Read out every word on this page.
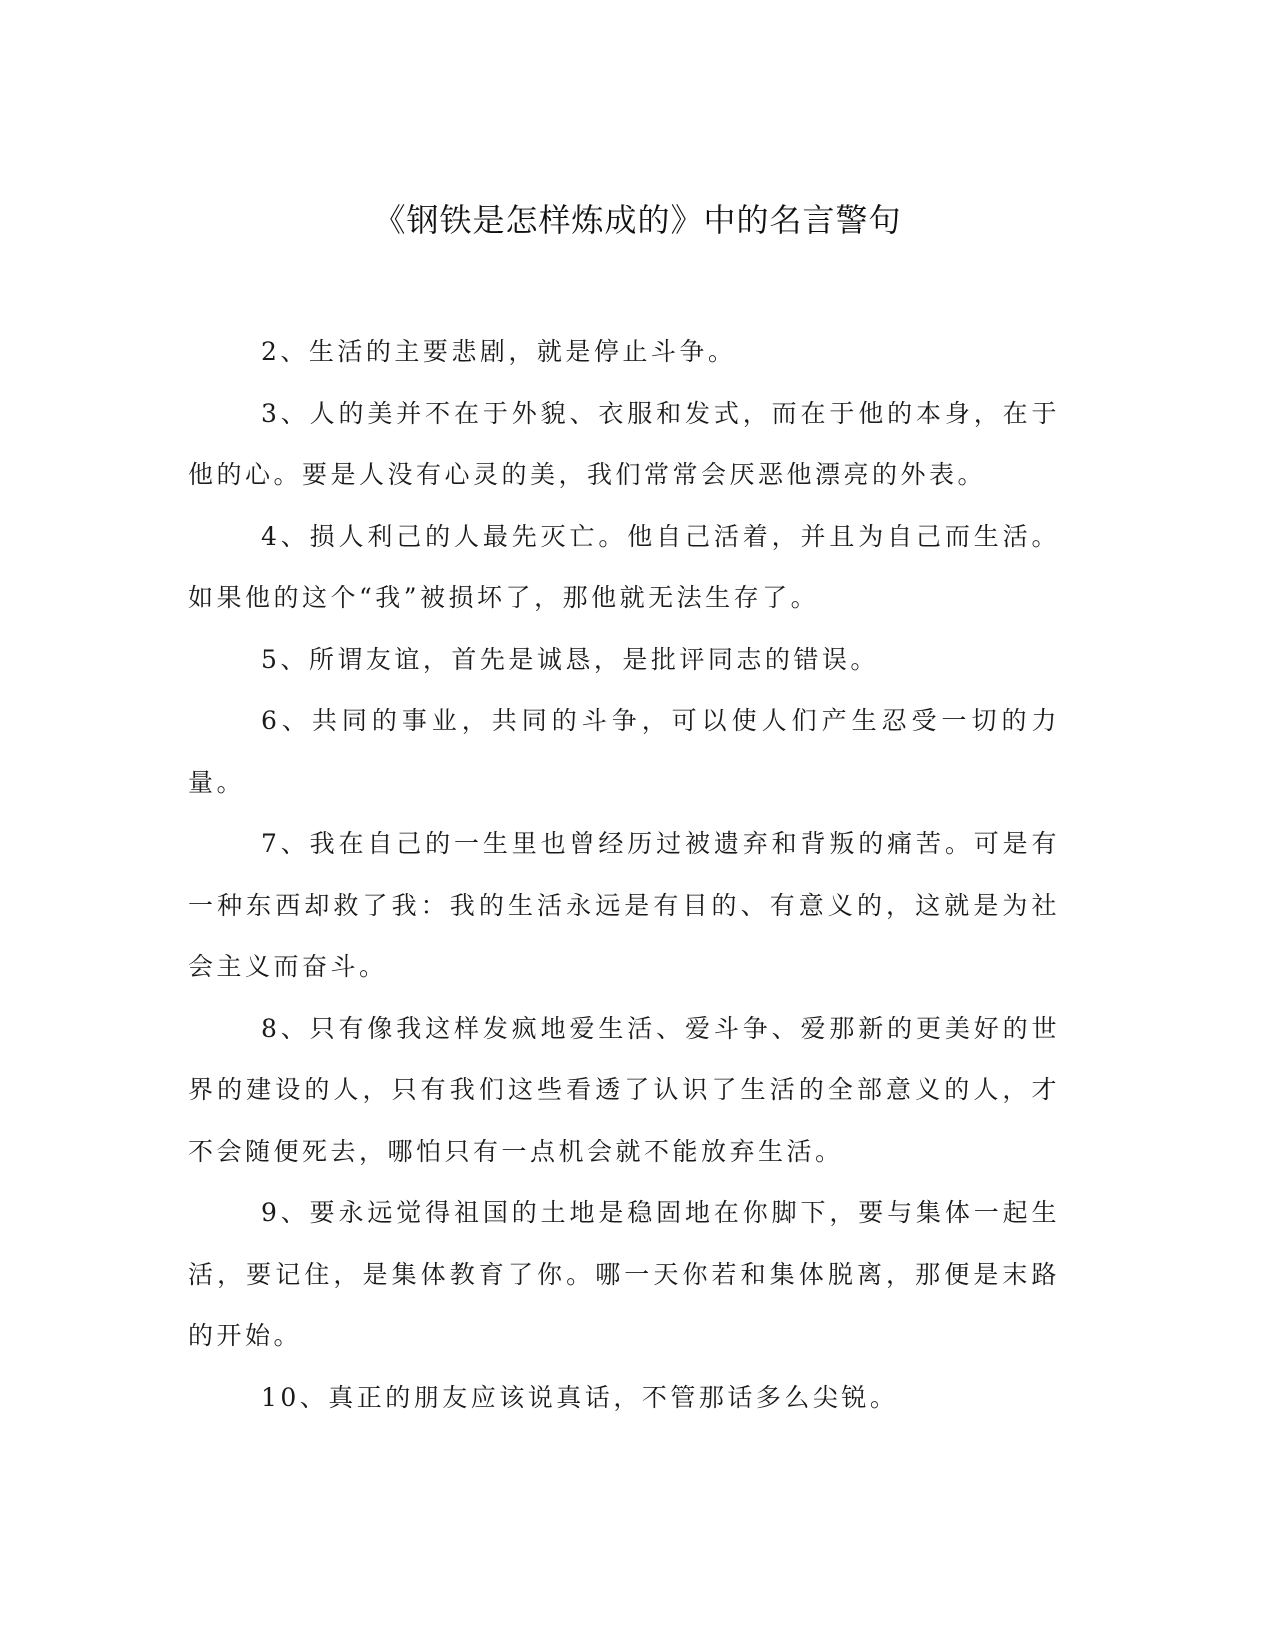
《钢铁是怎样炼成的》中的名言警句

2、生活的主要悲剧，就是停止斗争。

3、人的美并不在于外貌、衣服和发式，而在于他的本身，在于他的心。要是人没有心灵的美，我们常常会厌恶他漂亮的外表。

4、损人利己的人最先灭亡。他自己活着，并且为自己而生活。如果他的这个“我”被损坏了，那他就无法生存了。

5、所谓友谊，首先是诚恳，是批评同志的错误。

6、共同的事业，共同的斗争，可以使人们产生忍受一切的力量。

7、我在自己的一生里也曾经历过被遗弃和背叛的痛苦。可是有一种东西却救了我：我的生活永远是有目的、有意义的，这就是为社会主义而奋斗。

8、只有像我这样发疯地爱生活、爱斗争、爱那新的更美好的世界的建设的人，只有我们这些看透了认识了生活的全部意义的人，才不会随便死去，哪怕只有一点机会就不能放弃生活。

9、要永远觉得祖国的土地是稳固地在你脚下，要与集体一起生活，要记住，是集体教育了你。哪一天你若和集体脱离，那便是末路的开始。

10、真正的朋友应该说真话，不管那话多么尖锐。
